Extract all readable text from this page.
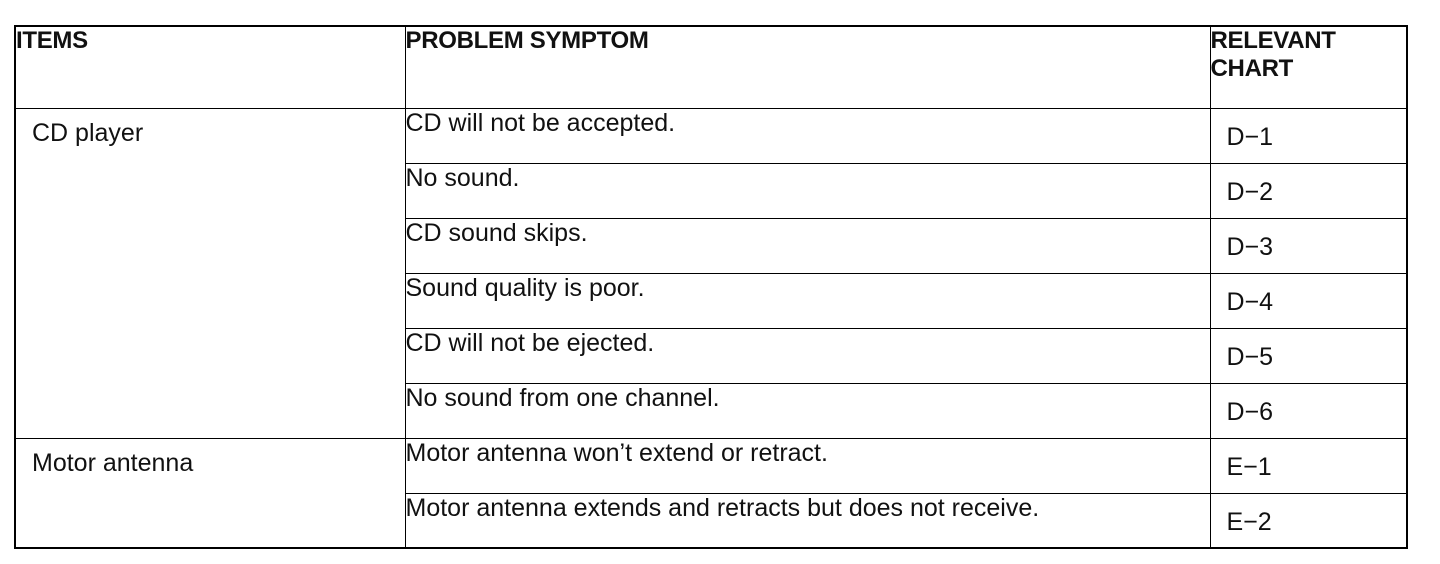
ITEMS	PROBLEM SYMPTOM	RELEVANT
CHART
CD player	CD will not be accepted.	D−1
	No sound.	D−2
	CD sound skips.	D−3
	Sound quality is poor.	D−4
	CD will not be ejected.	D−5
	No sound from one channel.	D−6
Motor antenna	Motor antenna won’t extend or retract.	E−1
	Motor antenna extends and retracts but does not receive.	E−2
